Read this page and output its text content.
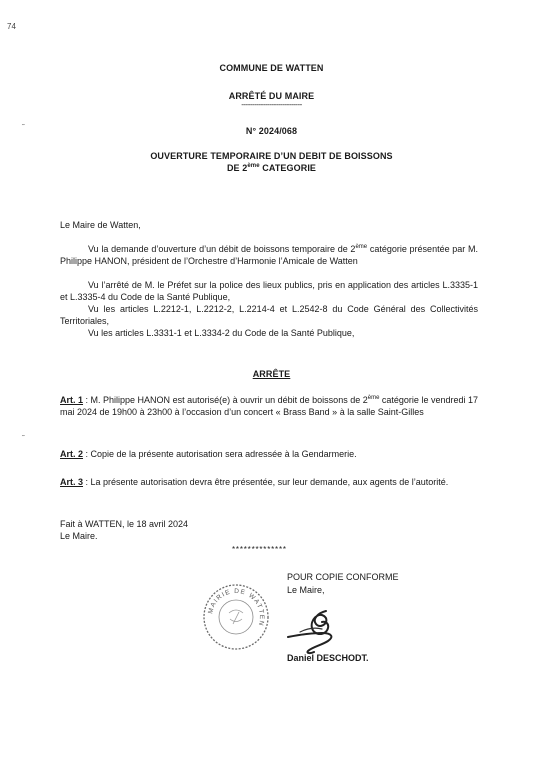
74
˜
˜
COMMUNE DE WATTEN
ARRÊTÉ DU MAIRE
----------------------------
N° 2024/068
OUVERTURE TEMPORAIRE D’UN DEBIT DE BOISSONS
DE 2ème CATEGORIE
Le Maire de Watten,
Vu la demande d’ouverture d’un débit de boissons temporaire de 2ème catégorie présentée par M. Philippe HANON, président de l’Orchestre d’Harmonie l’Amicale de Watten
Vu l’arrêté de M. le Préfet sur la police des lieux publics, pris en application des articles L.3335-1 et L.3335-4 du Code de la Santé Publique,
Vu les articles L.2212-1, L.2212-2, L.2214-4 et L.2542-8 du Code Général des Collectivités Territoriales,
Vu les articles L.3331-1 et L.3334-2 du Code de la Santé Publique,
ARRÊTE
Art. 1 : M. Philippe HANON est autorisé(e) à ouvrir un débit de boissons de 2ème catégorie le vendredi 17 mai 2024 de 19h00 à 23h00 à l’occasion d’un concert « Brass Band » à la salle Saint-Gilles
Art. 2 : Copie de la présente autorisation sera adressée à la Gendarmerie.
Art. 3 : La présente autorisation devra être présentée, sur leur demande, aux agents de l’autorité.
Fait à WATTEN, le 18 avril 2024
Le Maire.
**************
POUR COPIE CONFORME
Le Maire,
MAIRIE DE WATTEN
Daniel DESCHODT.
